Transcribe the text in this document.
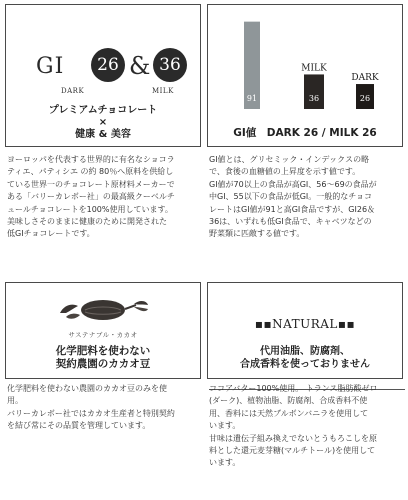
GI	26 & 36
DARK	MILK
プレミアムチョコレート
×
健康 & 美容
91	36
MILK
26
DARK
GI値　DARK 26 / MILK 26
ヨーロッパを代表する世界的に有名なショコラ
ティエ、パティシエ の約 80％へ原料を供給し
ている世界一のチョコレート原材料メーカーで
ある「バリーカレボー社」の最高級クーベルチ
ュールチョコレートを100%使用しています。
美味しさそのままに健康のために開発された
低GIチョコレートです。
GI値とは、グリセミック・インデックスの略
で、食後の血糖値の上昇度を示す値です。
GI値が70以上の食品が高GI、56〜69の食品が
中GI、55以下の食品が低GI。一般的なチョコ
レートはGI値が91と高GI食品ですが、GI26＆
36は、いずれも低GI食品で、キャベツなどの
野菜類に匹敵する値です。
サステナブル・カカオ
化学肥料を使わない
契約農園のカカオ豆
▪▪NATURAL▪▪
代用油脂、防腐剤、
合成香料を使っておりません
化学肥料を使わない農園のカカオ豆のみを使
用。
バリーカレボー社ではカカオ生産者と特別契約
を結び常にその品質を管理しています。
ココアバター100%使用。 トランス脂肪酸ゼロ
(ダーク)、植物油脂、防腐剤、合成香料不使
用、香料には天然ブルボンバニラを使用して
います。
甘味は遺伝子組み換えでないとうもろこしを原
料とした還元麦芽糖(マルチトール)を使用して
います。
